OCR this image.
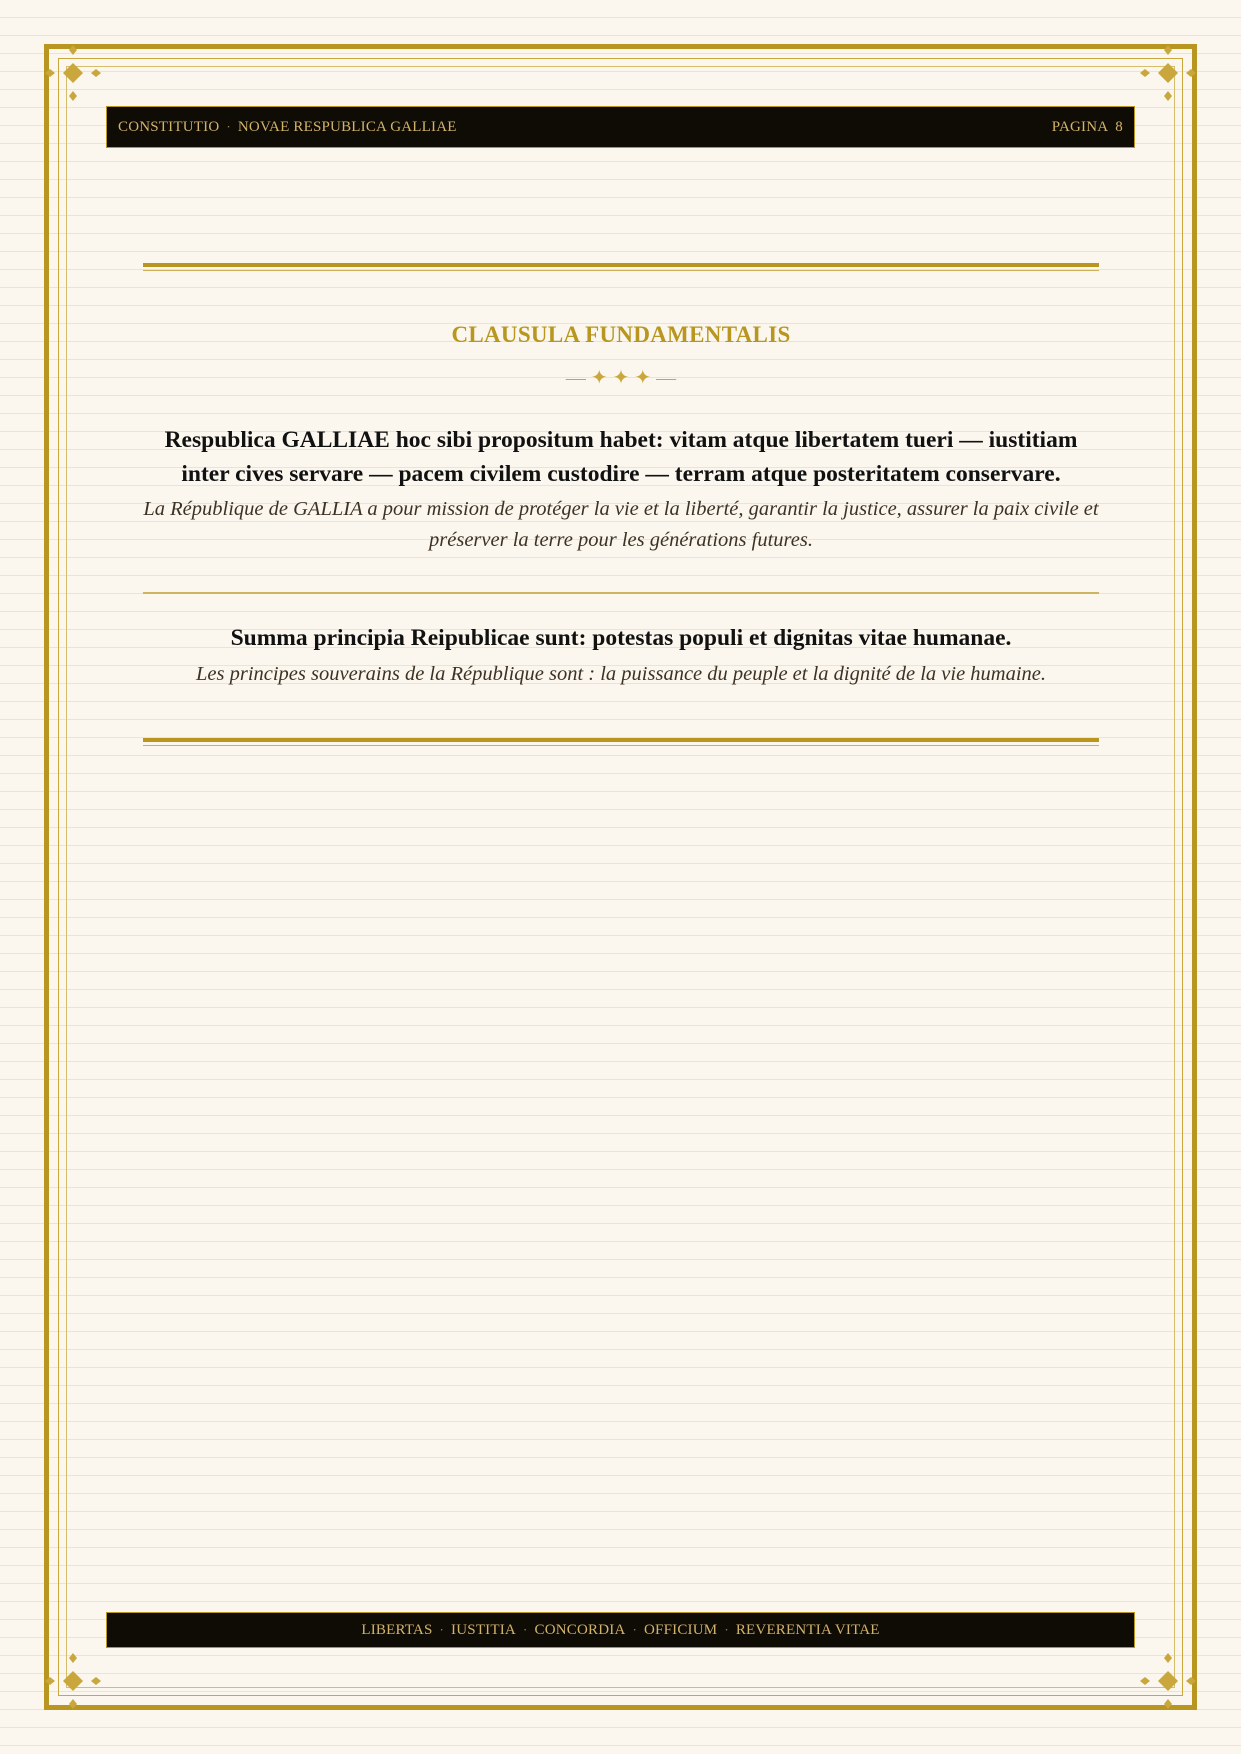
CONSTITUTIO · NOVAE RESPUBLICA GALLIAE	PAGINA 8
CLAUSULA FUNDAMENTALIS
— ✦ ✦ ✦ —
Respublica GALLIAE hoc sibi propositum habet: vitam atque libertatem tueri — iustitiam inter cives servare — pacem civilem custodire — terram atque posteritatem conservare.
La République de GALLIA a pour mission de protéger la vie et la liberté, garantir la justice, assurer la paix civile et préserver la terre pour les générations futures.
Summa principia Reipublicae sunt: potestas populi et dignitas vitae humanae.
Les principes souverains de la République sont : la puissance du peuple et la dignité de la vie humaine.
LIBERTAS · IUSTITIA · CONCORDIA · OFFICIUM · REVERENTIA VITAE
